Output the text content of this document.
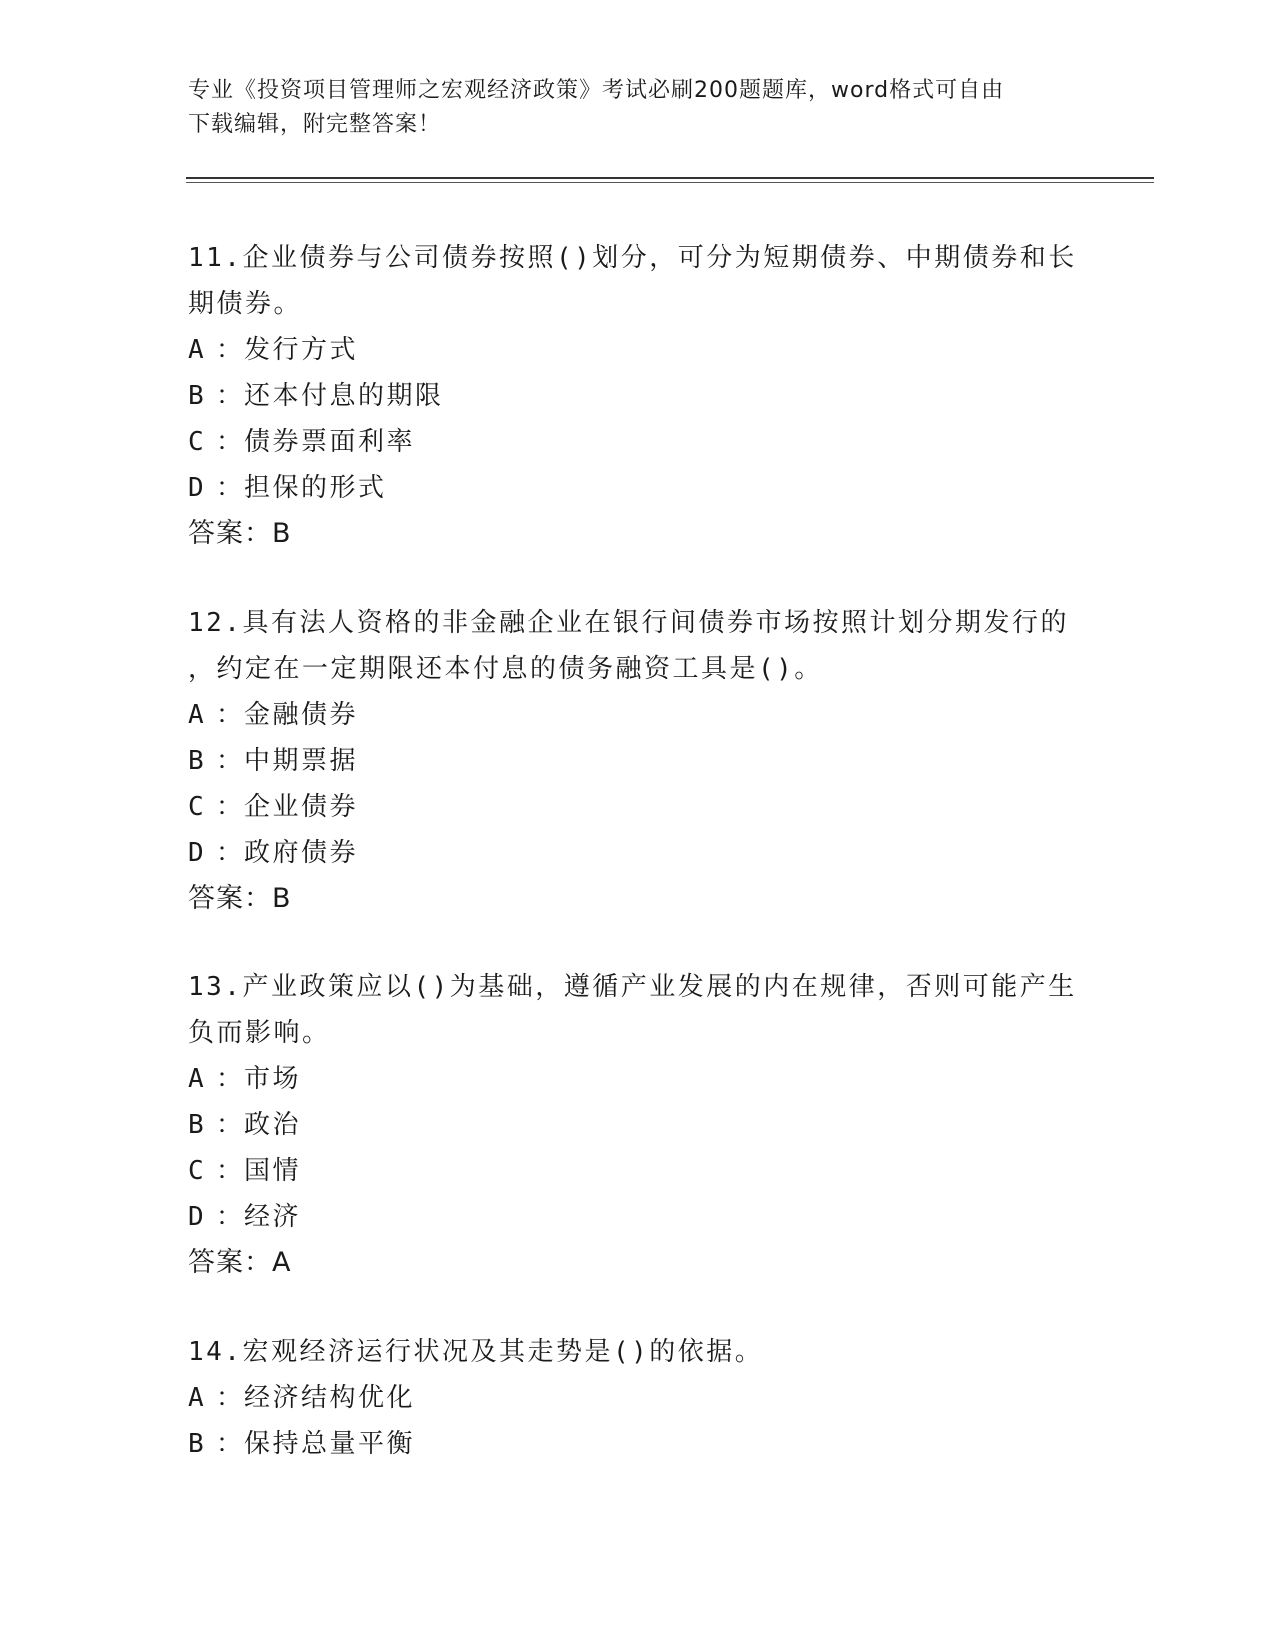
专业《投资项目管理师之宏观经济政策》考试必刷200题题库，word格式可自由
下载编辑，附完整答案！
11.企业债券与公司债券按照()划分，可分为短期债券、中期债券和长
期债券。
A ：发行方式
B ：还本付息的期限
C ：债券票面利率
D ：担保的形式
答案：B
12.具有法人资格的非金融企业在银行间债券市场按照计划分期发行的
，约定在一定期限还本付息的债务融资工具是()。
A ：金融债券
B ：中期票据
C ：企业债券
D ：政府债券
答案：B
13.产业政策应以()为基础，遵循产业发展的内在规律，否则可能产生
负而影响。
A ：市场
B ：政治
C ：国情
D ：经济
答案：A
14.宏观经济运行状况及其走势是()的依据。
A ：经济结构优化
B ：保持总量平衡
